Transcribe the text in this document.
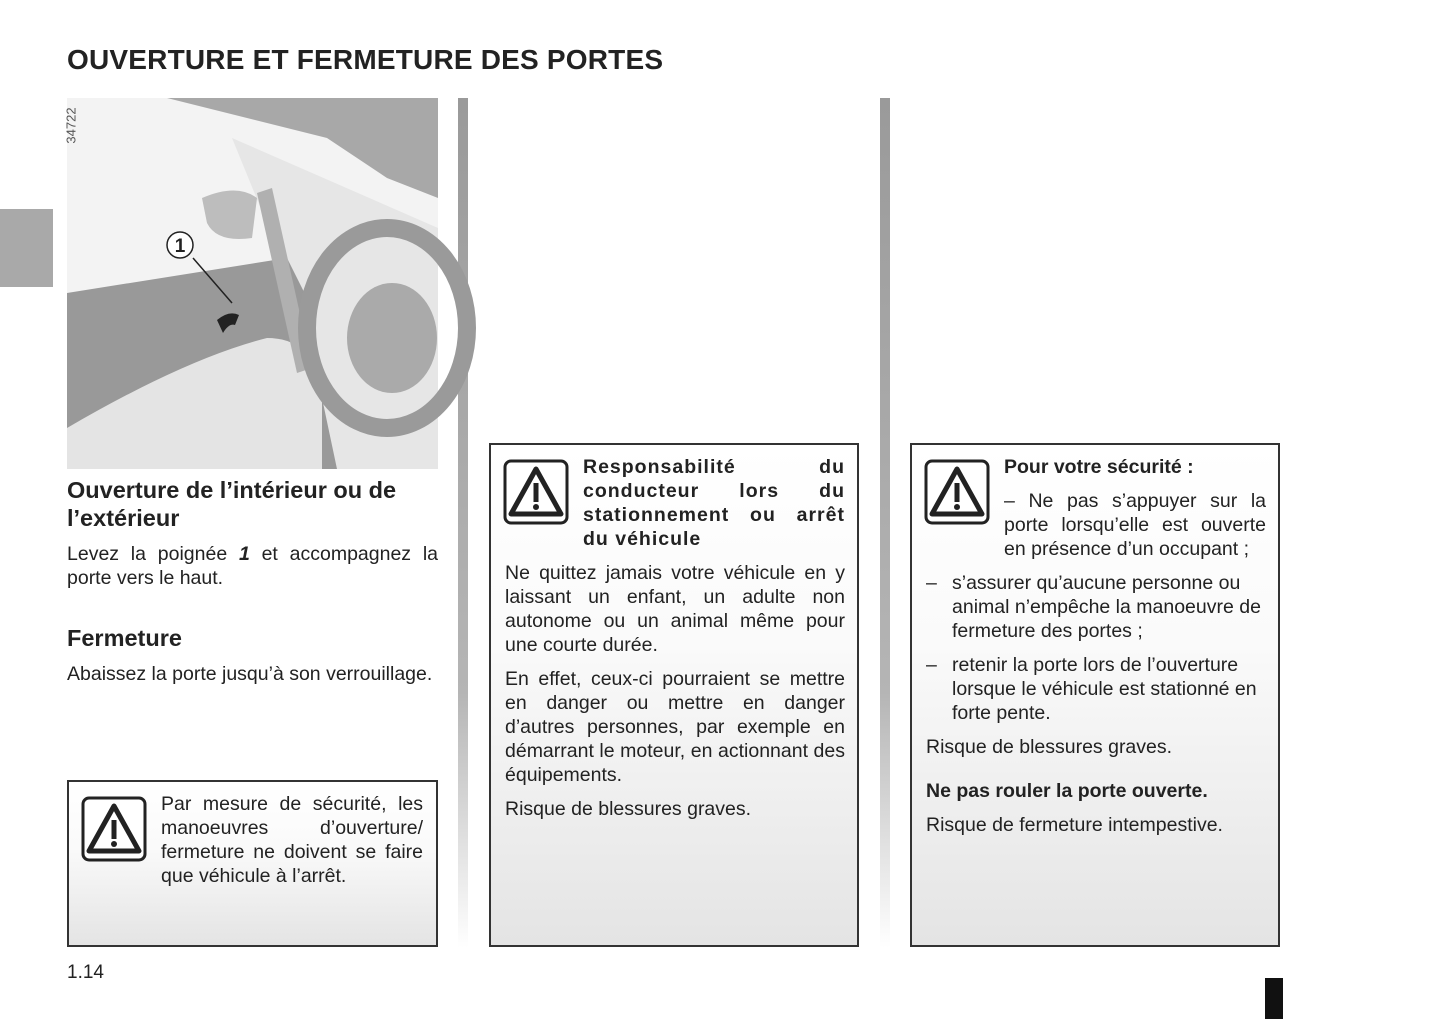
OUVERTURE ET FERMETURE DES PORTES
1
34722
Ouverture de l’intérieur ou de l’extérieur
Levez la poignée 1 et accompagnez la porte vers le haut.
Fermeture
Abaissez la porte jusqu’à son verrouillage.
Par mesure de sécurité, les manoeuvres d’ouverture/ fermeture ne doivent se faire que véhicule à l’arrêt.
Responsabilité du conducteur lors du stationnement ou arrêt du véhicule

Ne quittez jamais votre véhicule en y laissant un enfant, un adulte non autonome ou un animal même pour une courte durée.

En effet, ceux-ci pourraient se mettre en danger ou mettre en danger d’autres personnes, par exemple en démarrant le moteur, en actionnant des équipements.

Risque de blessures graves.

Pour votre sécurité :

– Ne pas s’appuyer sur la porte lorsqu’elle est ouverte en présence d’un occupant ;

– s’assurer qu’aucune personne ou animal n’empêche la manoeuvre de fermeture des portes ;
– retenir la porte lors de l’ouverture lorsque le véhicule est stationné en forte pente.

Risque de blessures graves.

Ne pas rouler la porte ouverte.

Risque de fermeture intempestive.

1.14
